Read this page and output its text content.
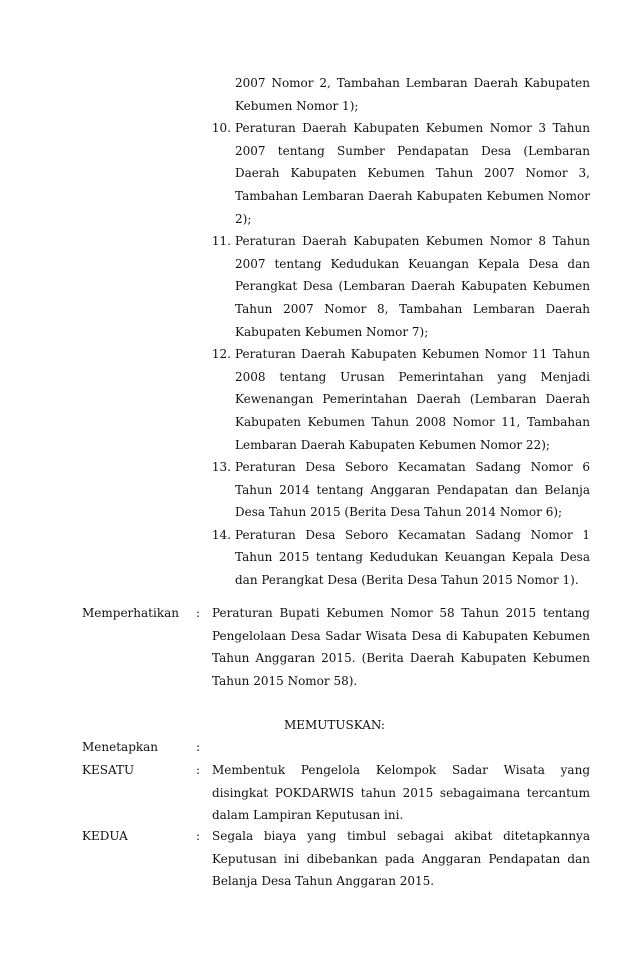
2007 Nomor 2, Tambahan Lembaran Daerah Kabupaten Kebumen Nomor 1);
10. Peraturan Daerah Kabupaten Kebumen Nomor 3 Tahun 2007 tentang Sumber Pendapatan Desa (Lembaran Daerah Kabupaten Kebumen Tahun 2007 Nomor 3, Tambahan Lembaran Daerah Kabupaten Kebumen Nomor 2);
11. Peraturan Daerah Kabupaten Kebumen Nomor 8 Tahun 2007 tentang Kedudukan Keuangan Kepala Desa dan Perangkat Desa (Lembaran Daerah Kabupaten Kebumen Tahun 2007 Nomor 8, Tambahan Lembaran Daerah Kabupaten Kebumen Nomor 7);
12. Peraturan Daerah Kabupaten Kebumen Nomor 11 Tahun 2008 tentang Urusan Pemerintahan yang Menjadi Kewenangan Pemerintahan Daerah (Lembaran Daerah Kabupaten Kebumen Tahun 2008 Nomor 11, Tambahan Lembaran Daerah Kabupaten Kebumen Nomor 22);
13. Peraturan Desa Seboro Kecamatan Sadang Nomor 6 Tahun 2014 tentang Anggaran Pendapatan dan Belanja Desa Tahun 2015 (Berita Desa Tahun 2014 Nomor 6);
14. Peraturan Desa Seboro Kecamatan Sadang Nomor 1 Tahun 2015 tentang Kedudukan Keuangan Kepala Desa dan Perangkat Desa (Berita Desa Tahun 2015 Nomor 1).
Memperhatikan	: Peraturan Bupati Kebumen Nomor 58 Tahun 2015 tentang Pengelolaan Desa Sadar Wisata Desa di Kabupaten Kebumen Tahun Anggaran 2015. (Berita Daerah Kabupaten Kebumen Tahun 2015 Nomor 58).
MEMUTUSKAN:
Menetapkan	:
KESATU	: Membentuk Pengelola Kelompok Sadar Wisata yang disingkat POKDARWIS tahun 2015 sebagaimana tercantum dalam Lampiran Keputusan ini.
KEDUA	: Segala biaya yang timbul sebagai akibat ditetapkannya Keputusan ini dibebankan pada Anggaran Pendapatan dan Belanja Desa Tahun Anggaran 2015.
